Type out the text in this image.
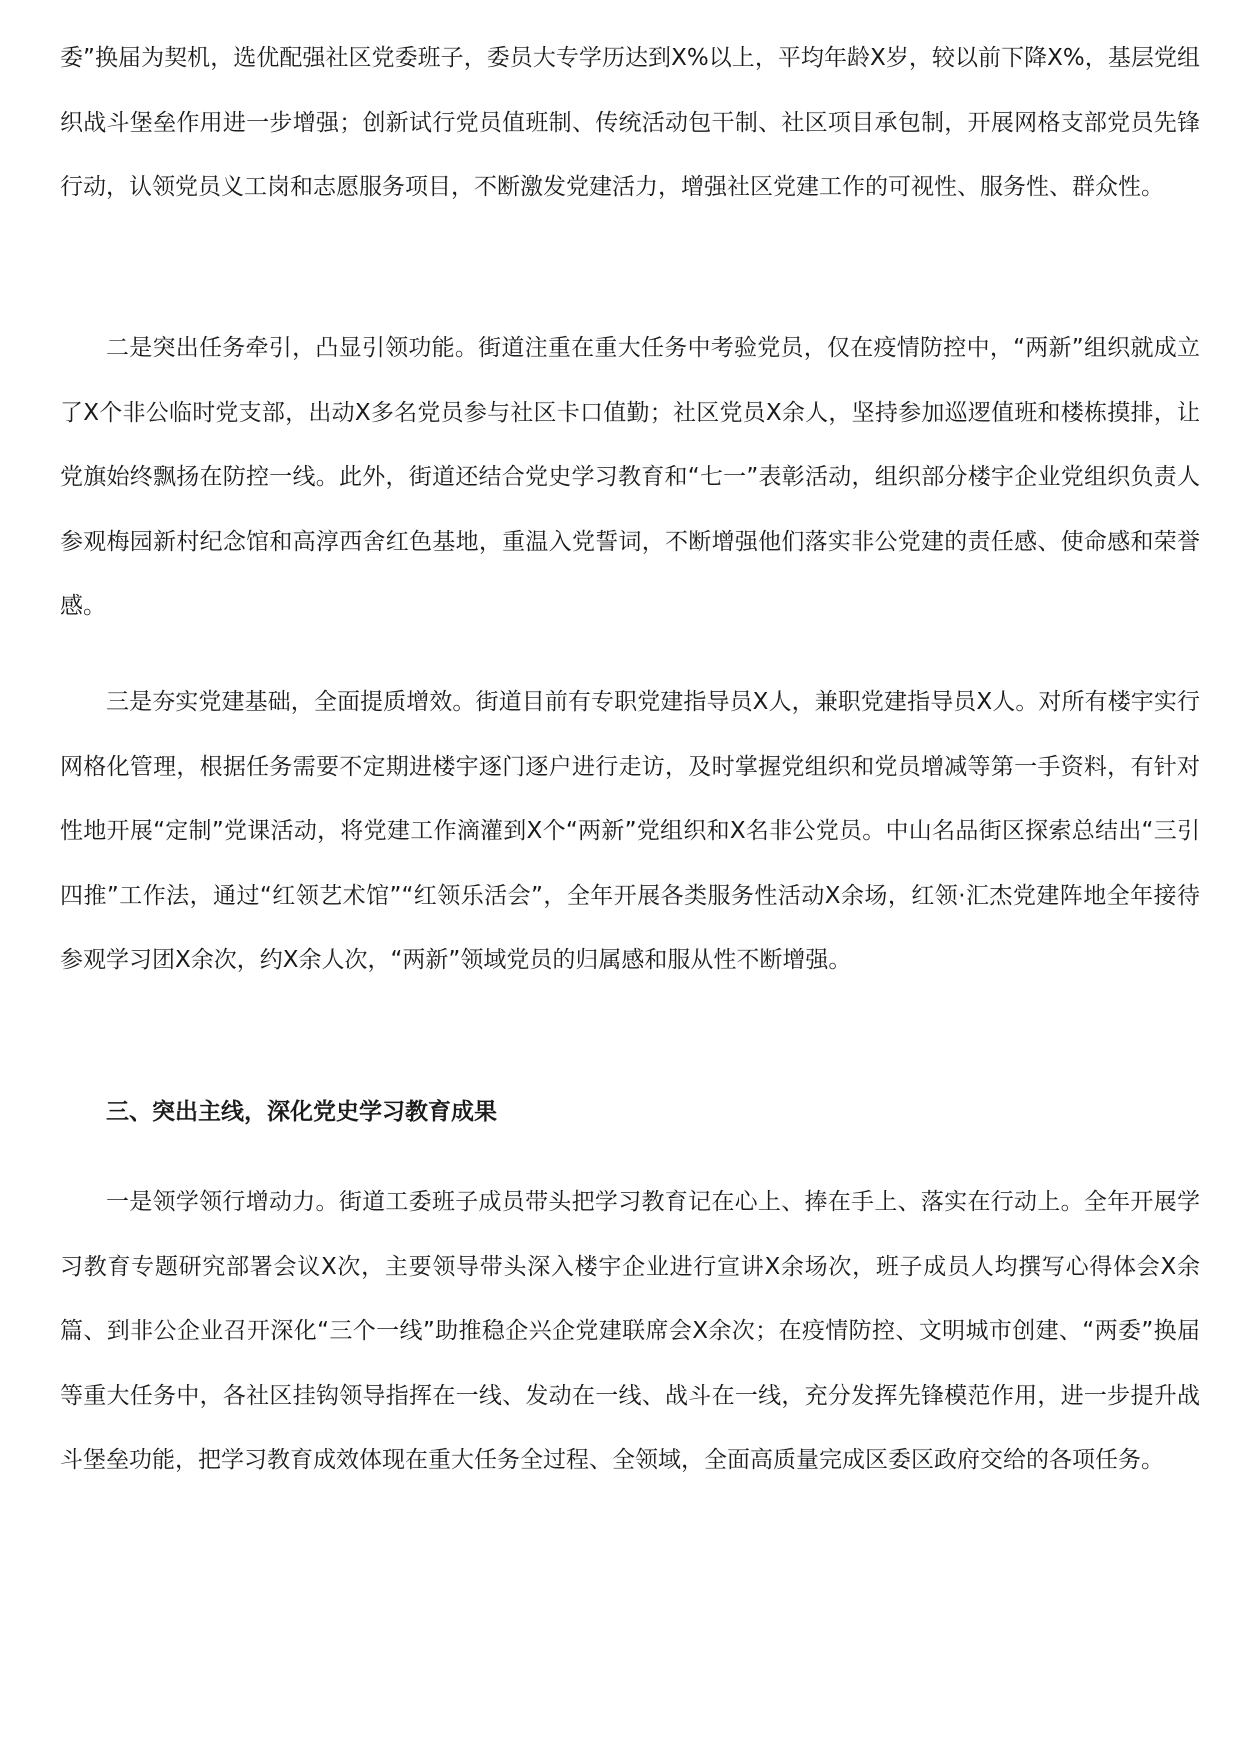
委”换届为契机，选优配强社区党委班子，委员大专学历达到X%以上，平均年龄X岁，较以前下降X%，基层党组织战斗堡垒作用进一步增强；创新试行党员值班制、传统活动包干制、社区项目承包制，开展网格支部党员先锋行动，认领党员义工岗和志愿服务项目，不断激发党建活力，增强社区党建工作的可视性、服务性、群众性。

二是突出任务牵引，凸显引领功能。街道注重在重大任务中考验党员，仅在疫情防控中，“两新”组织就成立了X个非公临时党支部，出动X多名党员参与社区卡口值勤；社区党员X余人，坚持参加巡逻值班和楼栋摸排，让党旗始终飘扬在防控一线。此外，街道还结合党史学习教育和“七一”表彰活动，组织部分楼宇企业党组织负责人参观梅园新村纪念馆和高淳西舍红色基地，重温入党誓词，不断增强他们落实非公党建的责任感、使命感和荣誉感。

三是夯实党建基础，全面提质增效。街道目前有专职党建指导员X人，兼职党建指导员X人。对所有楼宇实行网格化管理，根据任务需要不定期进楼宇逐门逐户进行走访，及时掌握党组织和党员增减等第一手资料，有针对性地开展“定制”党课活动，将党建工作滴灌到X个“两新”党组织和X名非公党员。中山名品街区探索总结出“三引四推”工作法，通过“红领艺术馆”“红领乐活会”，全年开展各类服务性活动X余场，红领·汇杰党建阵地全年接待参观学习团X余次，约X余人次，“两新”领域党员的归属感和服从性不断增强。

三、突出主线，深化党史学习教育成果

一是领学领行增动力。街道工委班子成员带头把学习教育记在心上、捧在手上、落实在行动上。全年开展学习教育专题研究部署会议X次，主要领导带头深入楼宇企业进行宣讲X余场次，班子成员人均撰写心得体会X余篇、到非公企业召开深化“三个一线”助推稳企兴企党建联席会X余次；在疫情防控、文明城市创建、“两委”换届等重大任务中，各社区挂钩领导指挥在一线、发动在一线、战斗在一线，充分发挥先锋模范作用，进一步提升战斗堡垒功能，把学习教育成效体现在重大任务全过程、全领域，全面高质量完成区委区政府交给的各项任务。
